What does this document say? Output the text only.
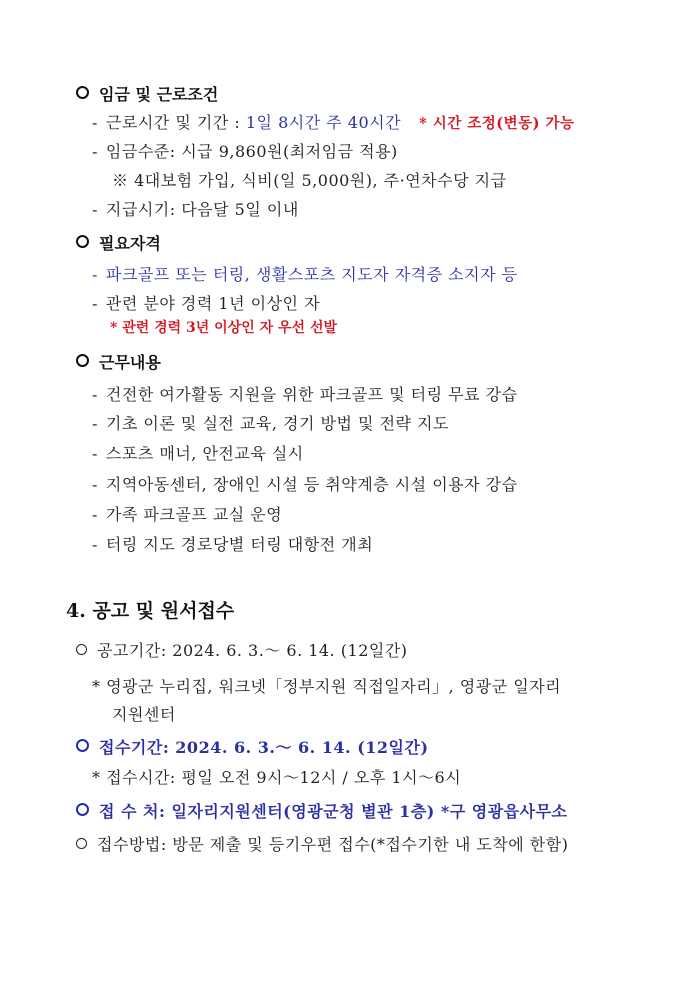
임금 및 근로조건
- 근로시간 및 기간 : 1일 8시간 주 40시간 * 시간 조정(변동) 가능
- 임금수준: 시급 9,860원(최저임금 적용)
※ 4대보험 가입, 식비(일 5,000원), 주·연차수당 지급
- 지급시기: 다음달 5일 이내
필요자격
- 파크골프 또는 터링, 생활스포츠 지도자 자격증 소지자 등
- 관련 분야 경력 1년 이상인 자
* 관련 경력 3년 이상인 자 우선 선발
근무내용
- 건전한 여가활동 지원을 위한 파크골프 및 터링 무료 강습
- 기초 이론 및 실전 교육, 경기 방법 및 전략 지도
- 스포츠 매너, 안전교육 실시
- 지역아동센터, 장애인 시설 등 취약계층 시설 이용자 강습
- 가족 파크골프 교실 운영
- 터링 지도 경로당별 터링 대항전 개최
4. 공고 및 원서접수
공고기간: 2024. 6. 3.～ 6. 14. (12일간)
* 영광군 누리집, 워크넷「정부지원 직접일자리」, 영광군 일자리
지원센터
접수기간: 2024. 6. 3.～ 6. 14. (12일간)
* 접수시간: 평일 오전 9시～12시 / 오후 1시～6시
접 수 처: 일자리지원센터(영광군청 별관 1층) *구 영광읍사무소
접수방법: 방문 제출 및 등기우편 접수(*접수기한 내 도착에 한함)
